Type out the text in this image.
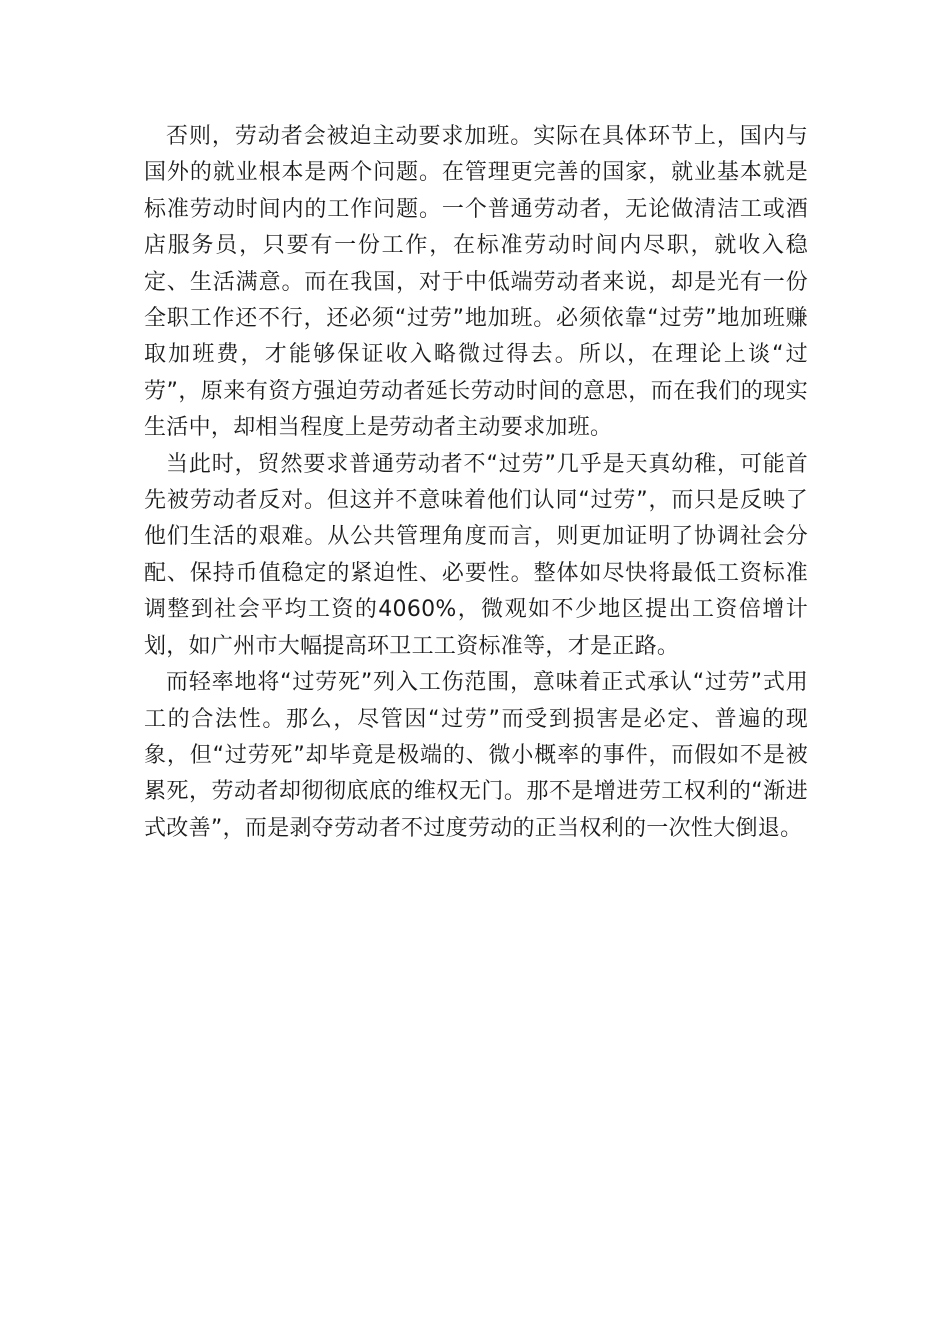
否则，劳动者会被迫主动要求加班。实际在具体环节上，国内与国外的就业根本是两个问题。在管理更完善的国家，就业基本就是标准劳动时间内的工作问题。一个普通劳动者，无论做清洁工或酒店服务员，只要有一份工作，在标准劳动时间内尽职，就收入稳定、生活满意。而在我国，对于中低端劳动者来说，却是光有一份全职工作还不行，还必须“过劳”地加班。必须依靠“过劳”地加班赚取加班费，才能够保证收入略微过得去。所以，在理论上谈“过劳”，原来有资方强迫劳动者延长劳动时间的意思，而在我们的现实生活中，却相当程度上是劳动者主动要求加班。

当此时，贸然要求普通劳动者不“过劳”几乎是天真幼稚，可能首先被劳动者反对。但这并不意味着他们认同“过劳”，而只是反映了他们生活的艰难。从公共管理角度而言，则更加证明了协调社会分配、保持币值稳定的紧迫性、必要性。整体如尽快将最低工资标准调整到社会平均工资的4060%，微观如不少地区提出工资倍增计划，如广州市大幅提高环卫工工资标准等，才是正路。

而轻率地将“过劳死”列入工伤范围，意味着正式承认“过劳”式用工的合法性。那么，尽管因“过劳”而受到损害是必定、普遍的现象，但“过劳死”却毕竟是极端的、微小概率的事件，而假如不是被累死，劳动者却彻彻底底的维权无门。那不是增进劳工权利的“渐进式改善”，而是剥夺劳动者不过度劳动的正当权利的一次性大倒退。
